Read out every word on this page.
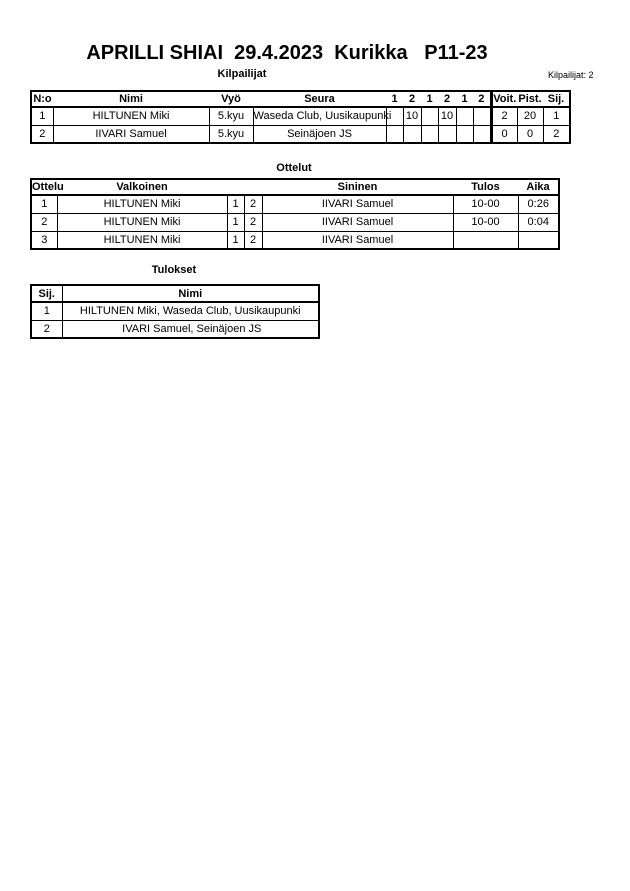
APRILLI SHIAI  29.4.2023  Kurikka   P11-23
Kilpailijat	Kilpailijat: 2
N:o	Nimi	Vyö	Seura	1	2	1	2	1	2	Voit.	Pist.	Sij.
1	HILTUNEN Miki	5.kyu	Waseda Club, Uusikaupunki		10		10			2	20	1
2	IIVARI Samuel	5.kyu	Seinäjoen JS							0	0	2
Ottelut
Ottelu	Valkoinen			Sininen	Tulos	Aika
1	HILTUNEN Miki	1	2	IIVARI Samuel	10-00	0:26
2	HILTUNEN Miki	1	2	IIVARI Samuel	10-00	0:04
3	HILTUNEN Miki	1	2	IIVARI Samuel		
Tulokset
Sij.	Nimi
1	HILTUNEN Miki, Waseda Club, Uusikaupunki
2	IVARI Samuel, Seinäjoen JS
